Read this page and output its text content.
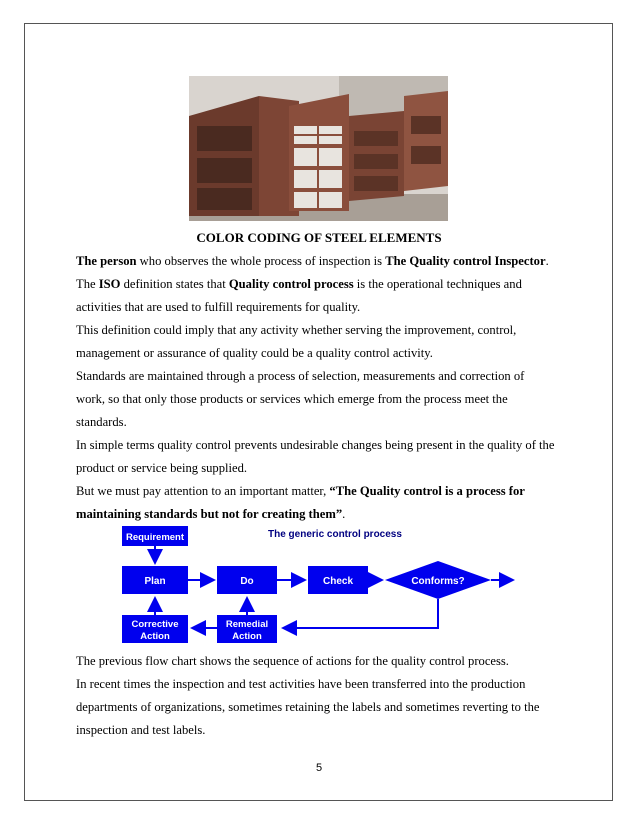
COLOR CODING OF STEEL ELEMENTS

The person who observes the whole process of inspection is The Quality control Inspector.

The ISO definition states that Quality control process is the operational techniques and activities that are used to fulfill requirements for quality.

This definition could imply that any activity whether serving the improvement, control, management or assurance of quality could be a quality control activity.

Standards are maintained through a process of selection, measurements and correction of work, so that only those products or services which emerge from the process meet the standards.

In simple terms quality control prevents undesirable changes being present in the quality of the product or service being supplied.

But we must pay attention to an important matter, “The Quality control is a process for maintaining standards but not for creating them”.

The generic control process
Requirement
Plan	Do	Check	Conforms?
Remedial
Action
Corrective
Action

The previous flow chart shows the sequence of actions for the quality control process.

In recent times the inspection and test activities have been transferred into the production departments of organizations, sometimes retaining the labels and sometimes reverting to the inspection and test labels.

5
